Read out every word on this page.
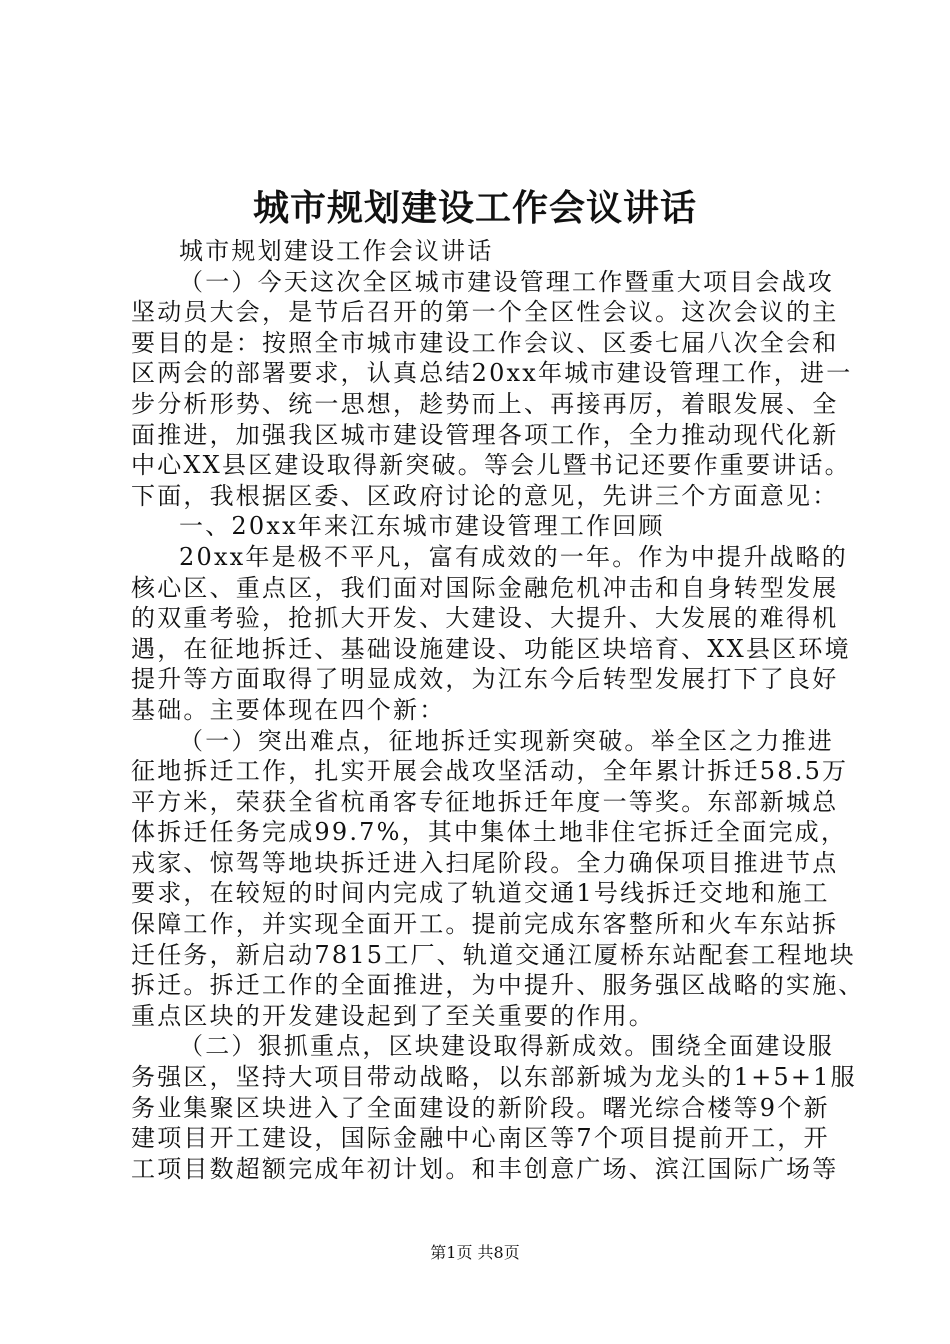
城市规划建设工作会议讲话
城市规划建设工作会议讲话
（一）今天这次全区城市建设管理工作暨重大项目会战攻
坚动员大会，是节后召开的第一个全区性会议。这次会议的主
要目的是：按照全市城市建设工作会议、区委七届八次全会和
区两会的部署要求，认真总结20xx年城市建设管理工作，进一
步分析形势、统一思想，趁势而上、再接再厉，着眼发展、全
面推进，加强我区城市建设管理各项工作，全力推动现代化新
中心XX县区建设取得新突破。等会儿暨书记还要作重要讲话。
下面，我根据区委、区政府讨论的意见，先讲三个方面意见：
一、20xx年来江东城市建设管理工作回顾
20xx年是极不平凡，富有成效的一年。作为中提升战略的
核心区、重点区，我们面对国际金融危机冲击和自身转型发展
的双重考验，抢抓大开发、大建设、大提升、大发展的难得机
遇，在征地拆迁、基础设施建设、功能区块培育、XX县区环境
提升等方面取得了明显成效，为江东今后转型发展打下了良好
基础。主要体现在四个新：
（一）突出难点，征地拆迁实现新突破。举全区之力推进
征地拆迁工作，扎实开展会战攻坚活动，全年累计拆迁58.5万
平方米，荣获全省杭甬客专征地拆迁年度一等奖。东部新城总
体拆迁任务完成99.7%，其中集体土地非住宅拆迁全面完成，
戎家、惊驾等地块拆迁进入扫尾阶段。全力确保项目推进节点
要求，在较短的时间内完成了轨道交通1号线拆迁交地和施工
保障工作，并实现全面开工。提前完成东客整所和火车东站拆
迁任务，新启动7815工厂、轨道交通江厦桥东站配套工程地块
拆迁。拆迁工作的全面推进，为中提升、服务强区战略的实施、
重点区块的开发建设起到了至关重要的作用。
（二）狠抓重点，区块建设取得新成效。围绕全面建设服
务强区，坚持大项目带动战略，以东部新城为龙头的1+5+1服
务业集聚区块进入了全面建设的新阶段。曙光综合楼等9个新
建项目开工建设，国际金融中心南区等7个项目提前开工，开
工项目数超额完成年初计划。和丰创意广场、滨江国际广场等
第1页 共8页
